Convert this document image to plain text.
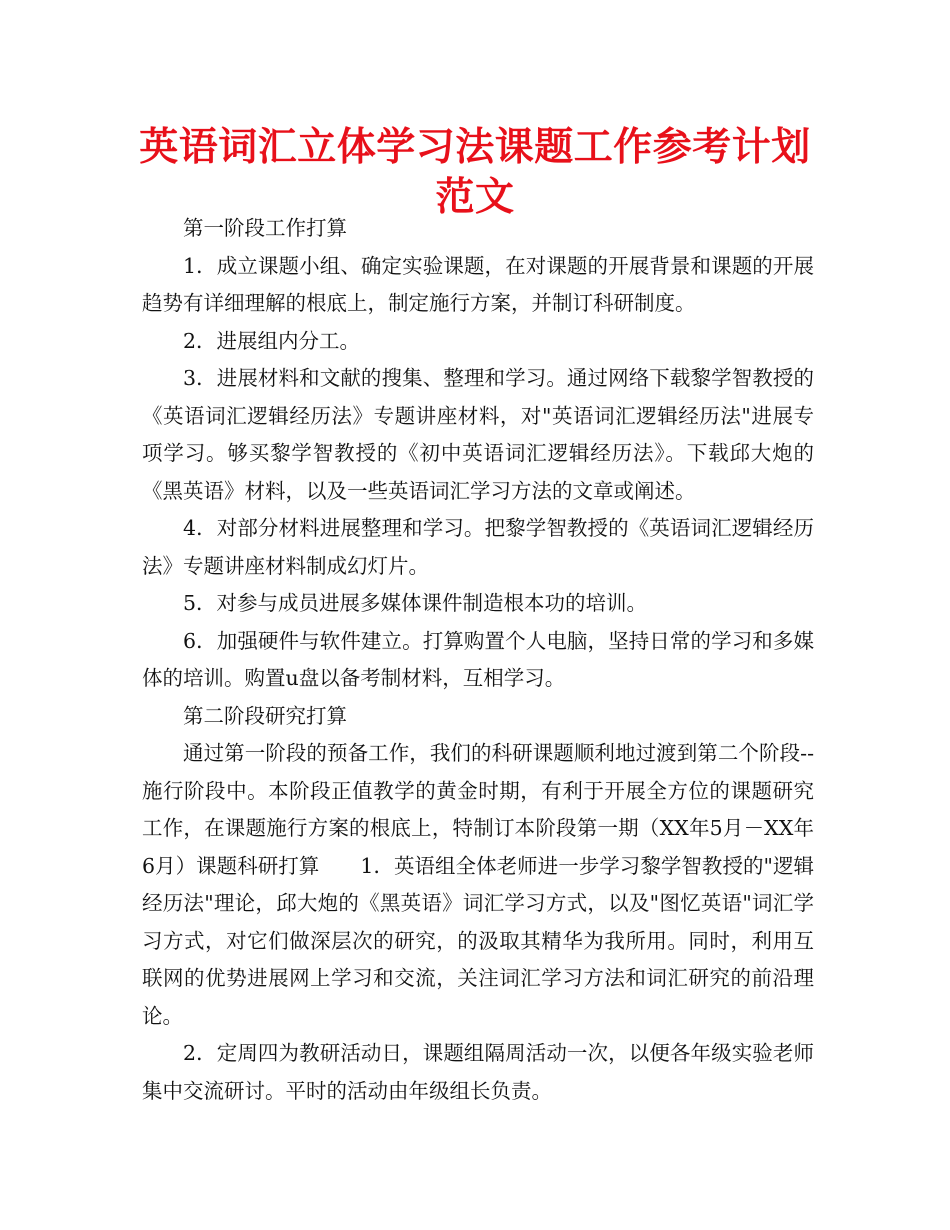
英语词汇立体学习法课题工作参考计划范文

第一阶段工作打算

1．成立课题小组、确定实验课题，在对课题的开展背景和课题的开展趋势有详细理解的根底上，制定施行方案，并制订科研制度。

2．进展组内分工。

3．进展材料和文献的搜集、整理和学习。通过网络下载黎学智教授的《英语词汇逻辑经历法》专题讲座材料，对"英语词汇逻辑经历法"进展专项学习。够买黎学智教授的《初中英语词汇逻辑经历法》。下载邱大炮的《黑英语》材料，以及一些英语词汇学习方法的文章或阐述。

4．对部分材料进展整理和学习。把黎学智教授的《英语词汇逻辑经历法》专题讲座材料制成幻灯片。

5．对参与成员进展多媒体课件制造根本功的培训。

6．加强硬件与软件建立。打算购置个人电脑，坚持日常的学习和多媒体的培训。购置u盘以备考制材料，互相学习。

第二阶段研究打算

通过第一阶段的预备工作，我们的科研课题顺利地过渡到第二个阶段--施行阶段中。本阶段正值教学的黄金时期，有利于开展全方位的课题研究工作，在课题施行方案的根底上，特制订本阶段第一期（XX年5月－XX年6月）课题科研打算　　1．英语组全体老师进一步学习黎学智教授的"逻辑经历法"理论，邱大炮的《黑英语》词汇学习方式，以及"图忆英语"词汇学习方式，对它们做深层次的研究，的汲取其精华为我所用。同时，利用互联网的优势进展网上学习和交流，关注词汇学习方法和词汇研究的前沿理论。

2．定周四为教研活动日，课题组隔周活动一次，以便各年级实验老师集中交流研讨。平时的活动由年级组长负责。
